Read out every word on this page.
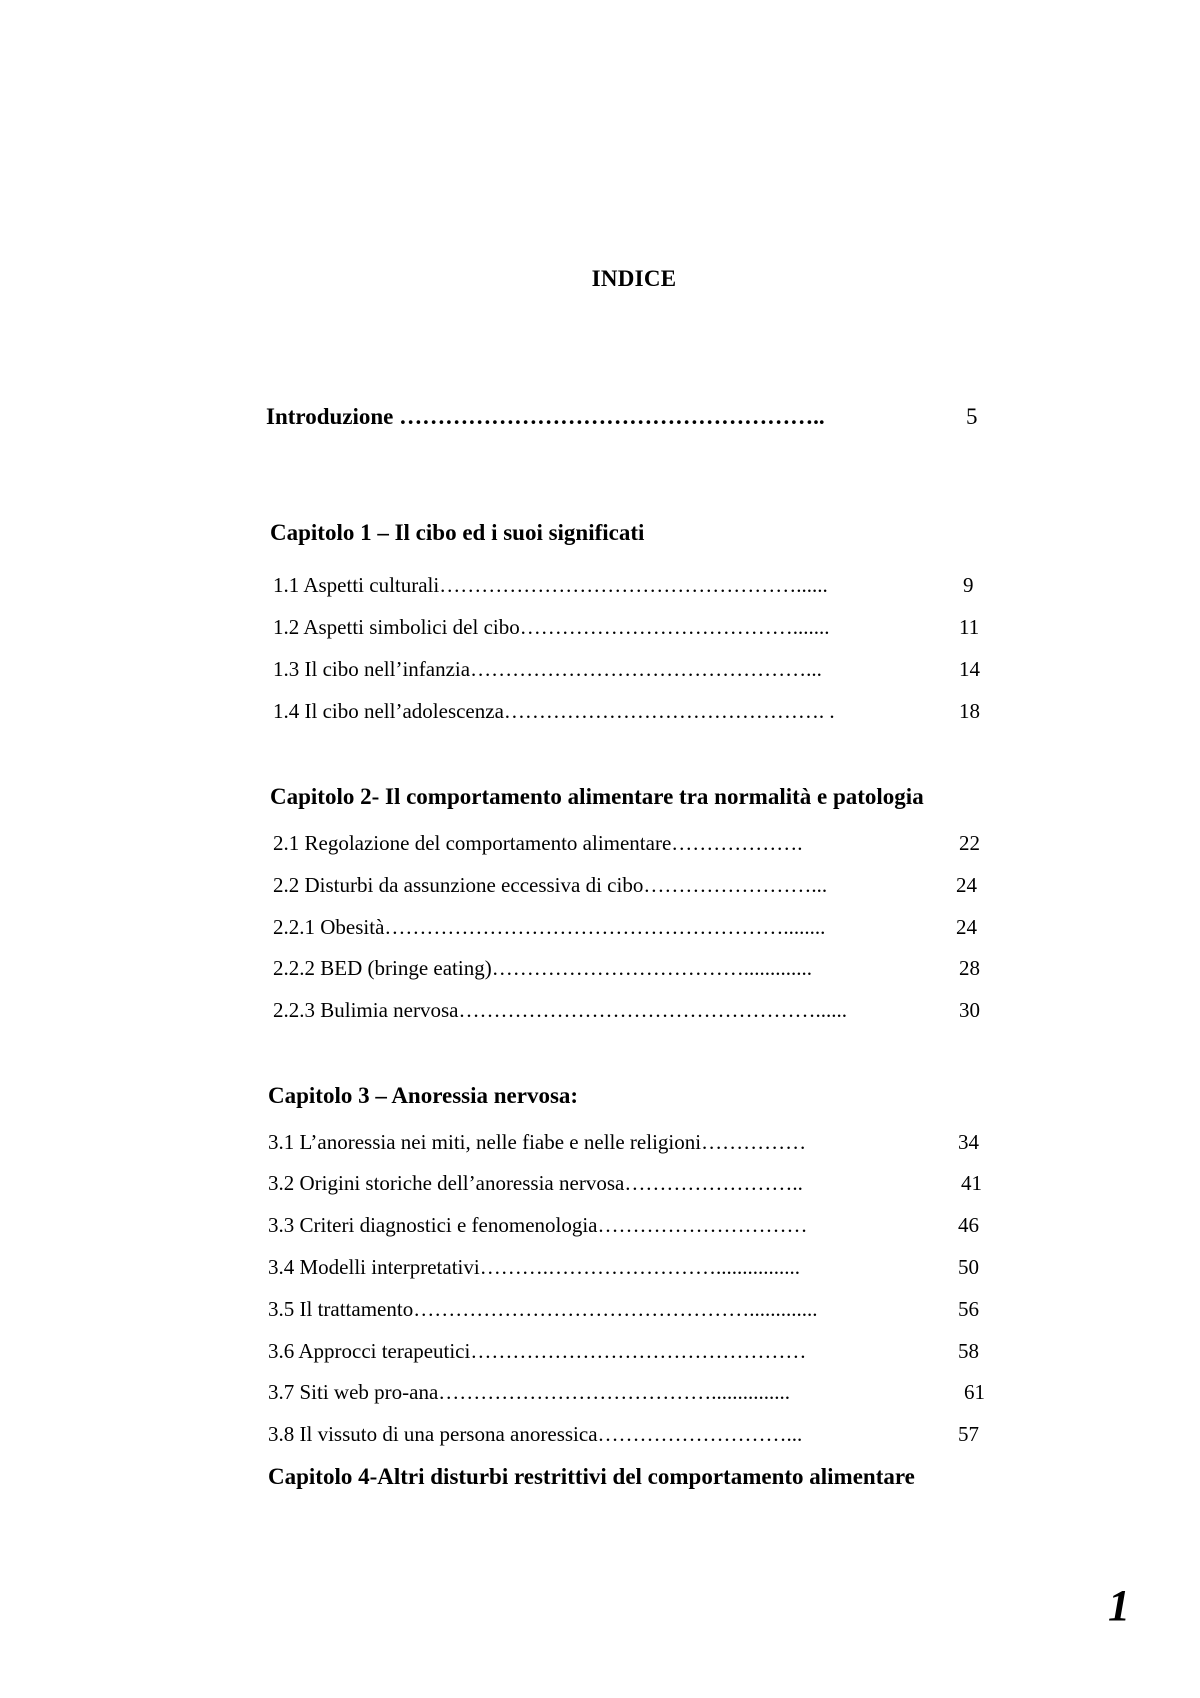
INDICE
Introduzione ………………………………………………..	5
Capitolo 1 – Il cibo ed i suoi significati
1.1 Aspetti culturali……………………………………………......	9
1.2 Aspetti simbolici del cibo………………………………….......	11
1.3 Il cibo nell’infanzia…………………………………………...	14
1.4 Il cibo nell’adolescenza………………………………………. .	18
Capitolo 2- Il comportamento alimentare tra normalità e patologia
2.1 Regolazione del comportamento alimentare……………….	22
2.2 Disturbi da assunzione eccessiva di cibo……………………...	24
2.2.1 Obesità…………………………………………………........	24
2.2.2 BED (bringe eating)……………………………….............	28
2.2.3 Bulimia nervosa……………………………………………......	30
Capitolo 3 – Anoressia nervosa:
3.1 L’anoressia nei miti, nelle fiabe e nelle religioni……………	34
3.2 Origini storiche dell’anoressia nervosa……………………..	41
3.3 Criteri diagnostici e fenomenologia…………………………	46
3.4 Modelli interpretativi……….……………………................	50
3.5 Il trattamento………………………………………….............	56
3.6 Approcci terapeutici…………………………………………	58
3.7 Siti web pro-ana…………………………………...............	61
3.8 Il vissuto di una persona anoressica………………………...	57
Capitolo 4-Altri disturbi restrittivi del comportamento alimentare
1
